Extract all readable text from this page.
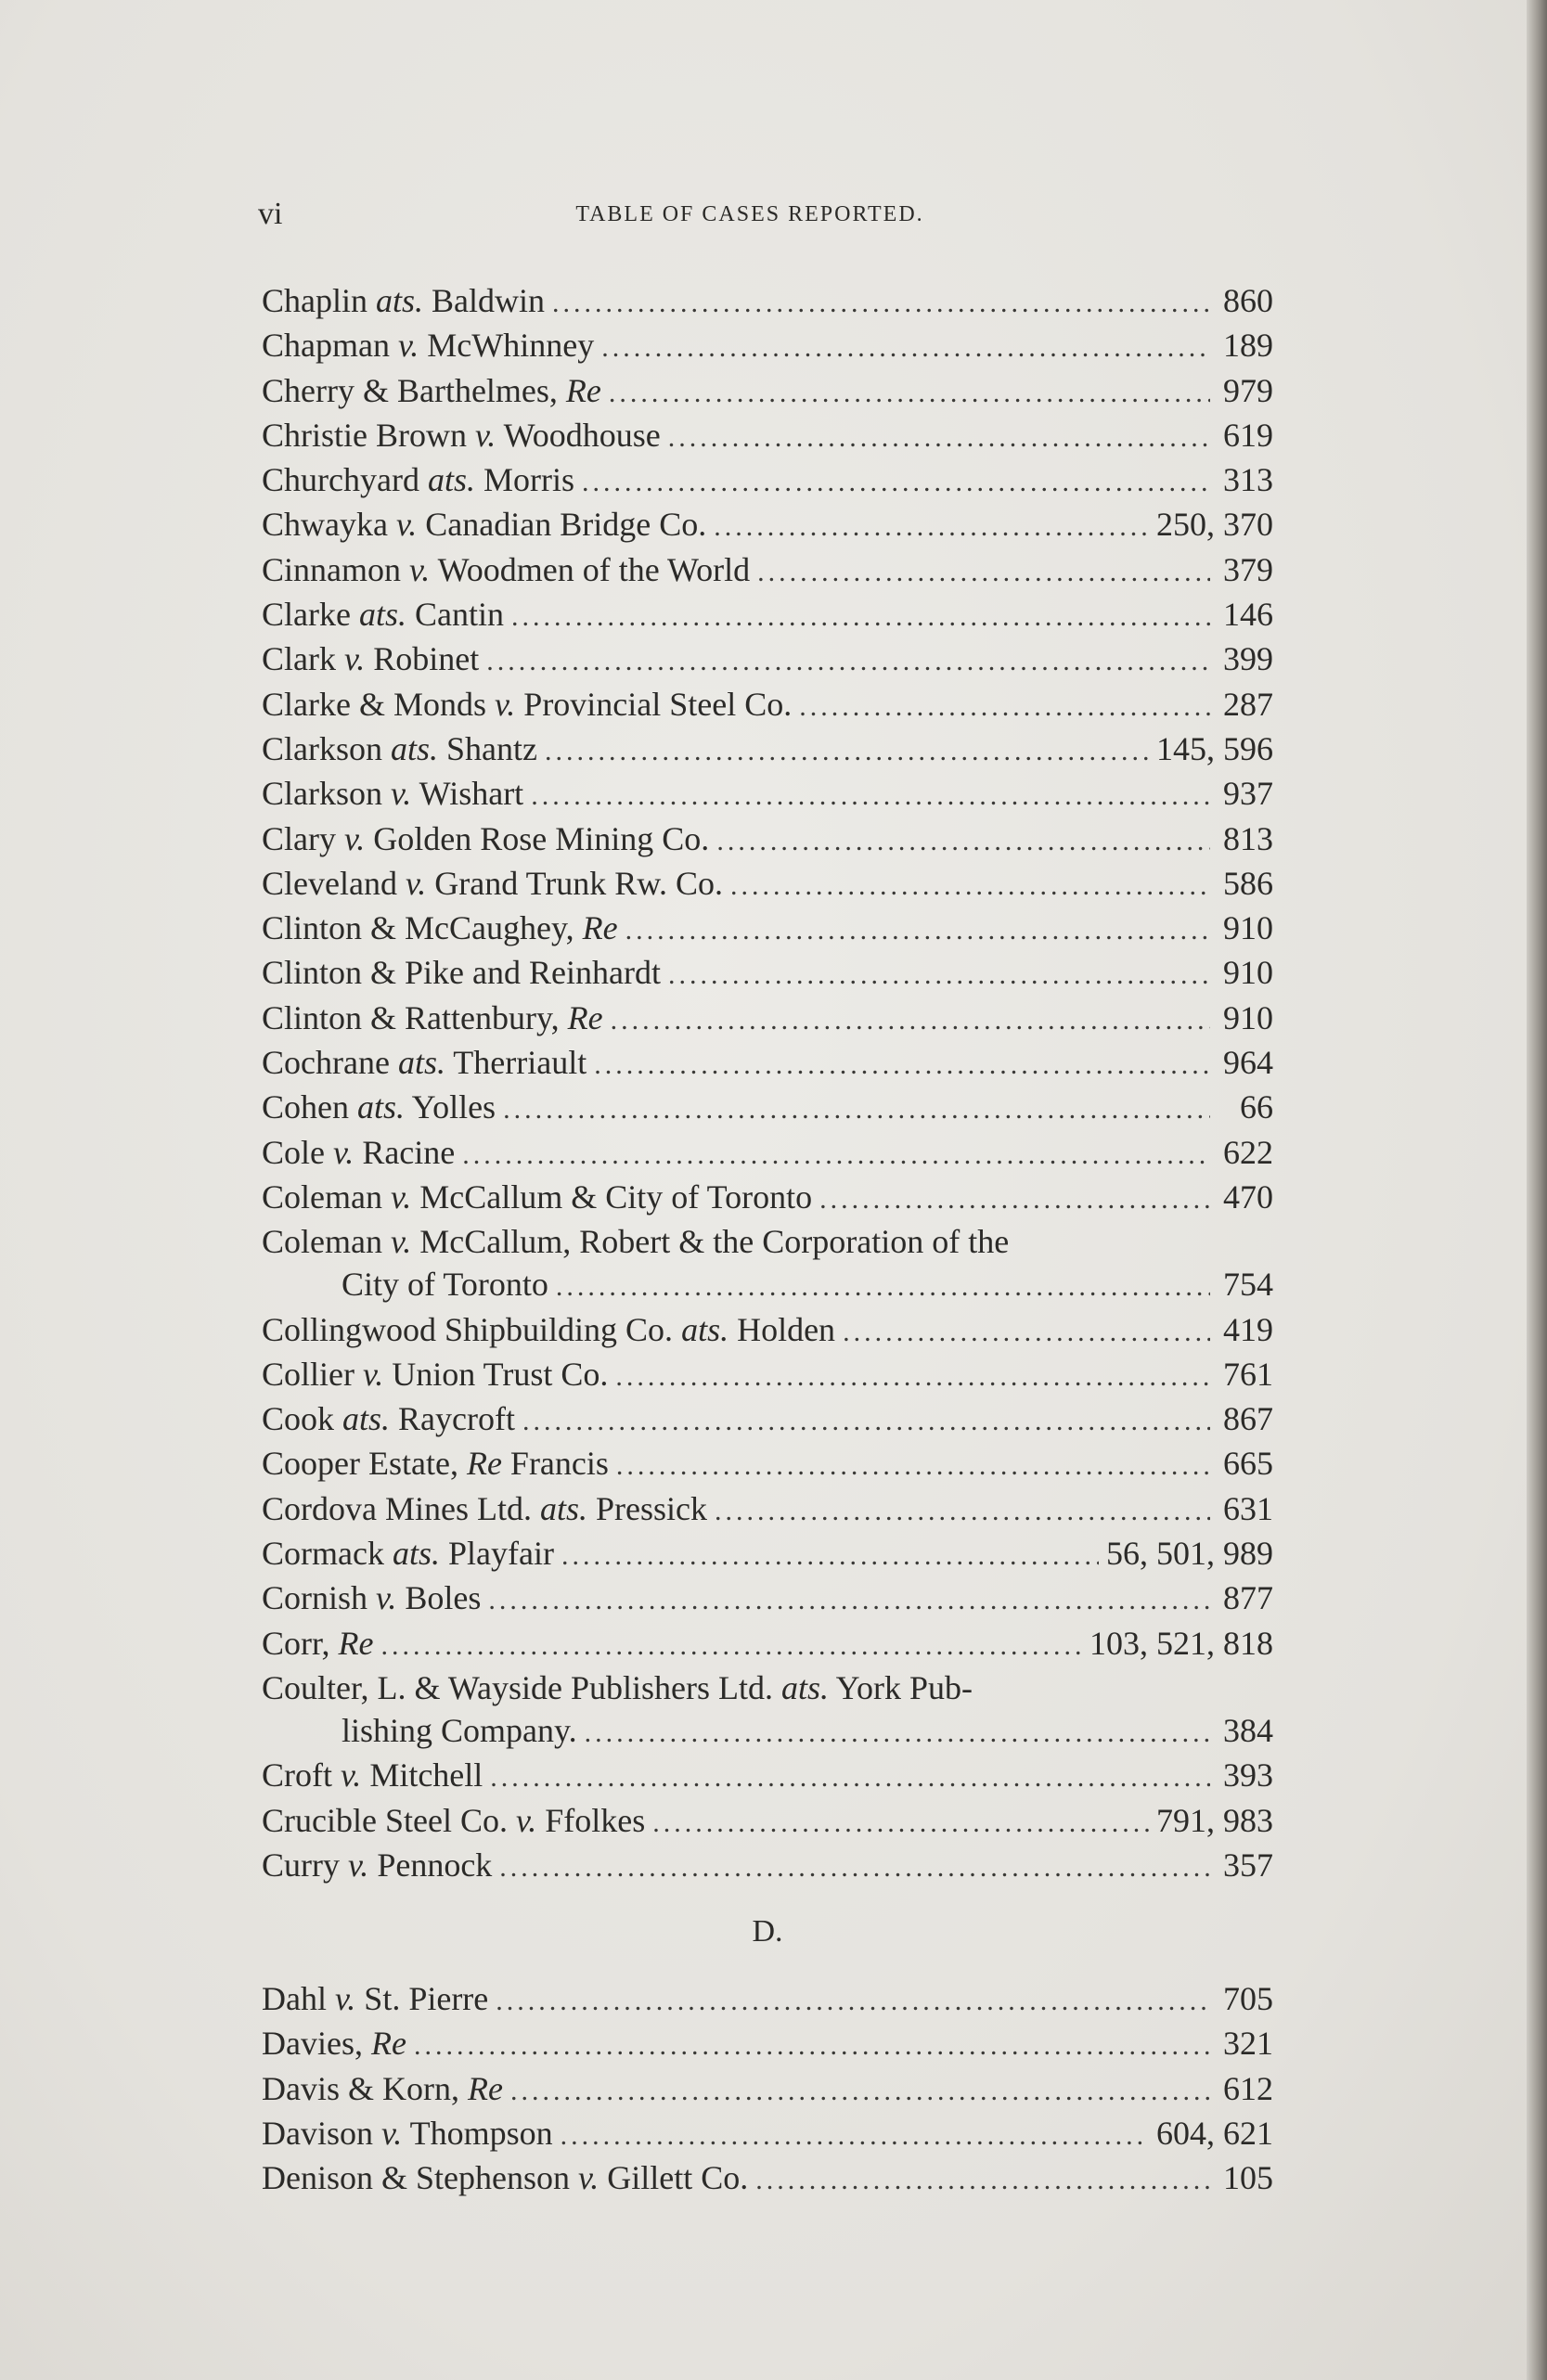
vi	TABLE OF CASES REPORTED.
Chaplin ats. Baldwin .....	860
Chapman v. McWhinney .....	189
Cherry & Barthelmes, Re .....	979
Christie Brown v. Woodhouse .....	619
Churchyard ats. Morris .....	313
Chwayka v. Canadian Bridge Co. .....	250, 370
Cinnamon v. Woodmen of the World .....	379
Clarke ats. Cantin .....	146
Clark v. Robinet .....	399
Clarke & Monds v. Provincial Steel Co. .....	287
Clarkson ats. Shantz .....	145, 596
Clarkson v. Wishart .....	937
Clary v. Golden Rose Mining Co. .....	813
Cleveland v. Grand Trunk Rw. Co. .....	586
Clinton & McCaughey, Re .....	910
Clinton & Pike and Reinhardt .....	910
Clinton & Rattenbury, Re .....	910
Cochrane ats. Therriault .....	964
Cohen ats. Yolles .....	66
Cole v. Racine .....	622
Coleman v. McCallum & City of Toronto .....	470
Coleman v. McCallum, Robert & the Corporation of the
City of Toronto .....	754
Collingwood Shipbuilding Co. ats. Holden .....	419
Collier v. Union Trust Co. .....	761
Cook ats. Raycroft .....	867
Cooper Estate, Re Francis .....	665
Cordova Mines Ltd. ats. Pressick .....	631
Cormack ats. Playfair .....	56, 501, 989
Cornish v. Boles .....	877
Corr, Re .....	103, 521, 818
Coulter, L. & Wayside Publishers Ltd. ats. York Pub-
lishing Company. .....	384
Croft v. Mitchell .....	393
Crucible Steel Co. v. Ffolkes .....	791, 983
Curry v. Pennock .....	357
D.
Dahl v. St. Pierre .....	705
Davies, Re .....	321
Davis & Korn, Re .....	612
Davison v. Thompson .....	604, 621
Denison & Stephenson v. Gillett Co. .....	105
